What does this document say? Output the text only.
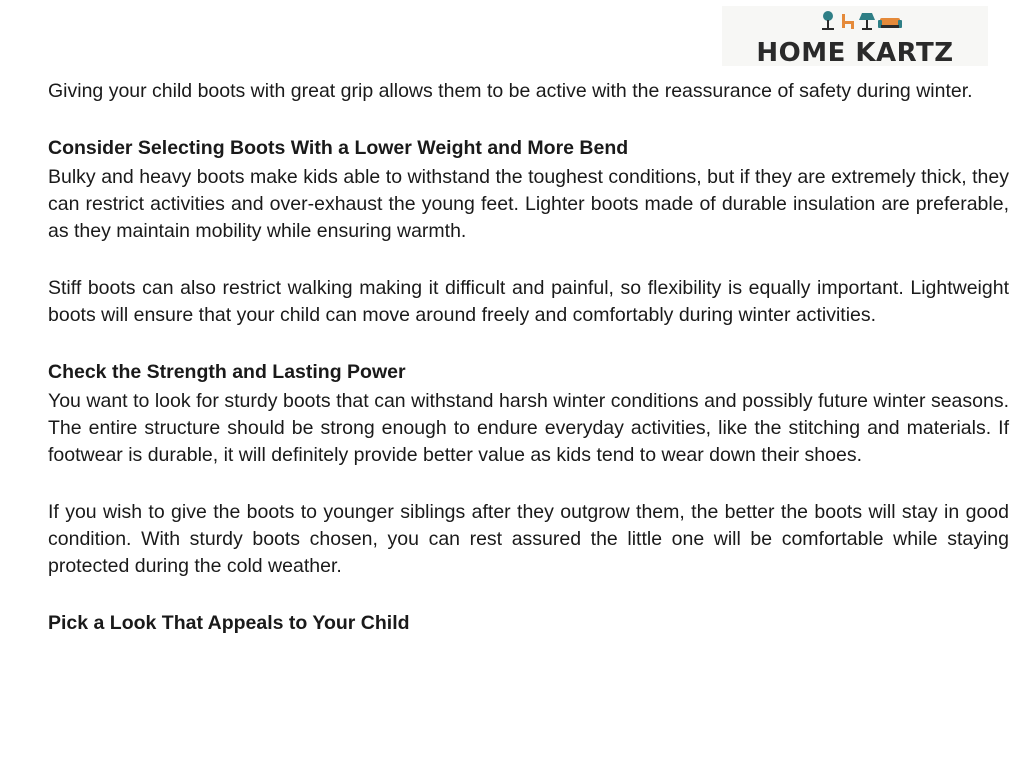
HOME KARTZ

Giving your child boots with great grip allows them to be active with the reassurance of safety during winter.

Consider Selecting Boots With a Lower Weight and More Bend

Bulky and heavy boots make kids able to withstand the toughest conditions, but if they are extremely thick, they can restrict activities and over-exhaust the young feet. Lighter boots made of durable insulation are preferable, as they maintain mobility while ensuring warmth.

Stiff boots can also restrict walking making it difficult and painful, so flexibility is equally important. Lightweight boots will ensure that your child can move around freely and comfortably during winter activities.

Check the Strength and Lasting Power

You want to look for sturdy boots that can withstand harsh winter conditions and possibly future winter seasons. The entire structure should be strong enough to endure everyday activities, like the stitching and materials. If footwear is durable, it will definitely provide better value as kids tend to wear down their shoes.

If you wish to give the boots to younger siblings after they outgrow them, the better the boots will stay in good condition. With sturdy boots chosen, you can rest assured the little one will be comfortable while staying protected during the cold weather.

Pick a Look That Appeals to Your Child
